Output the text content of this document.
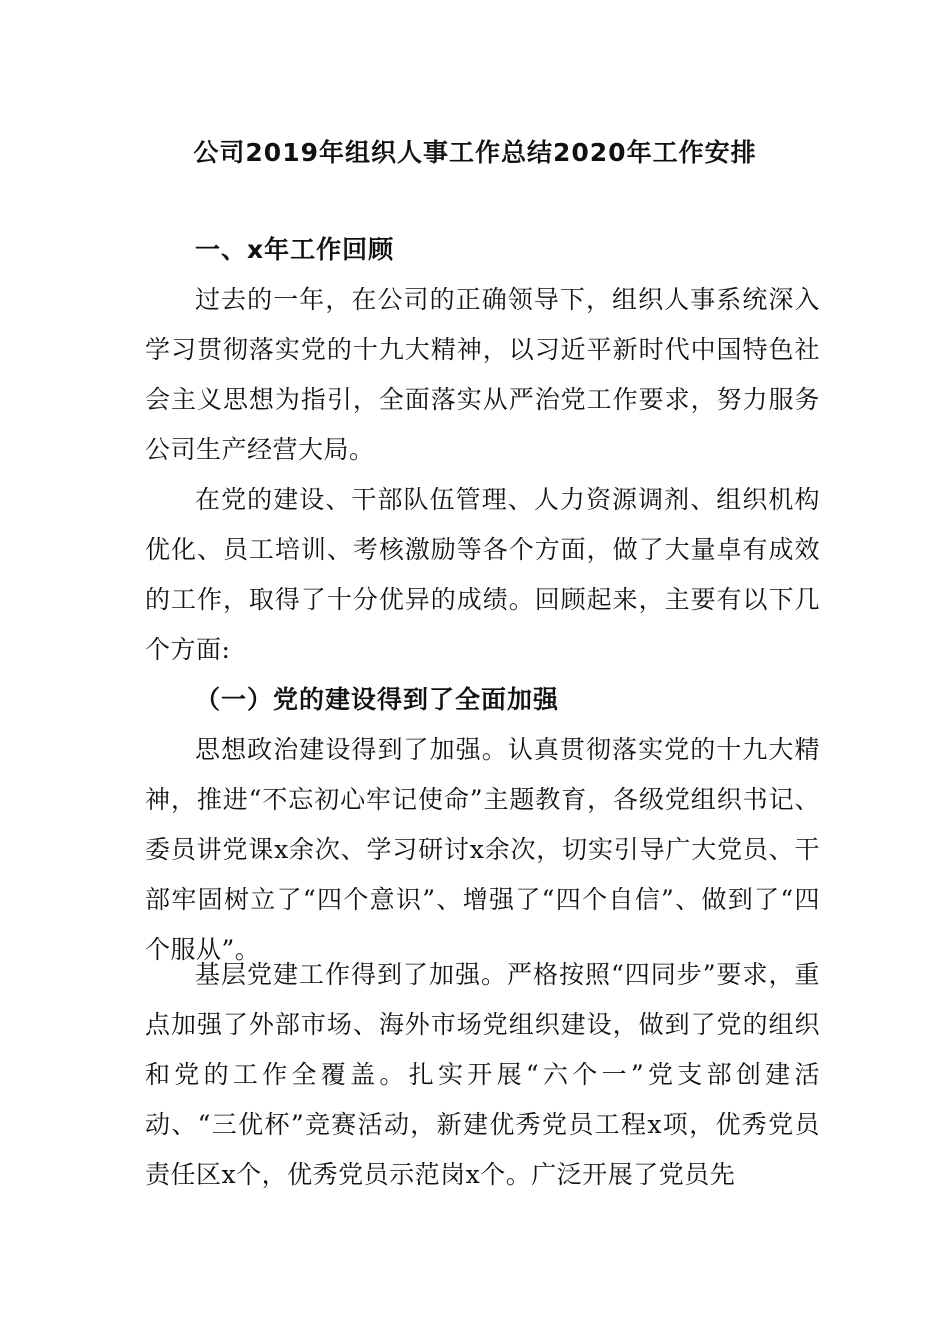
公司2019年组织人事工作总结2020年工作安排

一、x年工作回顾

过去的一年，在公司的正确领导下，组织人事系统深入学习贯彻落实党的十九大精神，以习近平新时代中国特色社会主义思想为指引，全面落实从严治党工作要求，努力服务公司生产经营大局。

在党的建设、干部队伍管理、人力资源调剂、组织机构优化、员工培训、考核激励等各个方面，做了大量卓有成效的工作，取得了十分优异的成绩。回顾起来，主要有以下几个方面:

（一）党的建设得到了全面加强

思想政治建设得到了加强。认真贯彻落实党的十九大精神，推进“不忘初心牢记使命”主题教育，各级党组织书记、委员讲党课x余次、学习研讨x余次，切实引导广大党员、干部牢固树立了“四个意识”、增强了“四个自信”、做到了“四个服从”。

基层党建工作得到了加强。严格按照“四同步”要求，重点加强了外部市场、海外市场党组织建设，做到了党的组织和党的工作全覆盖。扎实开展“六个一”党支部创建活动、“三优杯”竞赛活动，新建优秀党员工程x项，优秀党员责任区x个，优秀党员示范岗x个。广泛开展了党员先
